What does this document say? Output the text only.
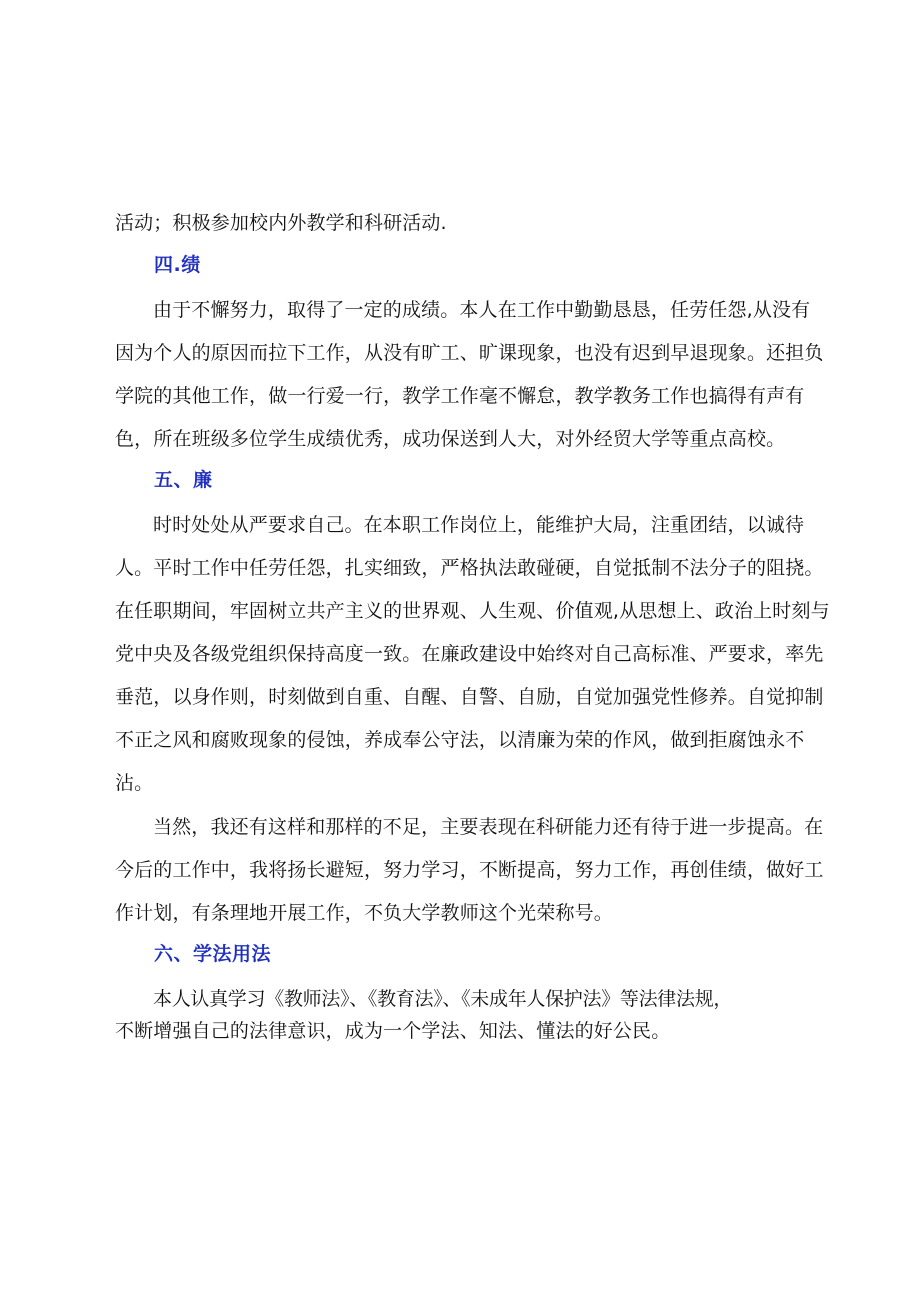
活动；积极参加校内外教学和科研活动.
四.绩
由于不懈努力，取得了一定的成绩。本人在工作中勤勤恳恳，任劳任怨,从没有
因为个人的原因而拉下工作，从没有旷工、旷课现象，也没有迟到早退现象。还担负
学院的其他工作，做一行爱一行，教学工作毫不懈怠，教学教务工作也搞得有声有
色，所在班级多位学生成绩优秀，成功保送到人大，对外经贸大学等重点高校。
五、廉
时时处处从严要求自己。在本职工作岗位上，能维护大局，注重团结，以诚待
人。平时工作中任劳任怨，扎实细致，严格执法敢碰硬，自觉抵制不法分子的阻挠。
在任职期间，牢固树立共产主义的世界观、人生观、价值观,从思想上、政治上时刻与
党中央及各级党组织保持高度一致。在廉政建设中始终对自己高标准、严要求，率先
垂范，以身作则，时刻做到自重、自醒、自警、自励，自觉加强党性修养。自觉抑制
不正之风和腐败现象的侵蚀，养成奉公守法，以清廉为荣的作风，做到拒腐蚀永不
沾。
当然，我还有这样和那样的不足，主要表现在科研能力还有待于进一步提高。在
今后的工作中，我将扬长避短，努力学习，不断提高，努力工作，再创佳绩，做好工
作计划，有条理地开展工作，不负大学教师这个光荣称号。
六、学法用法
本人认真学习《教师法》、《教育法》、《未成年人保护法》等法律法规，
不断增强自己的法律意识，成为一个学法、知法、懂法的好公民。
